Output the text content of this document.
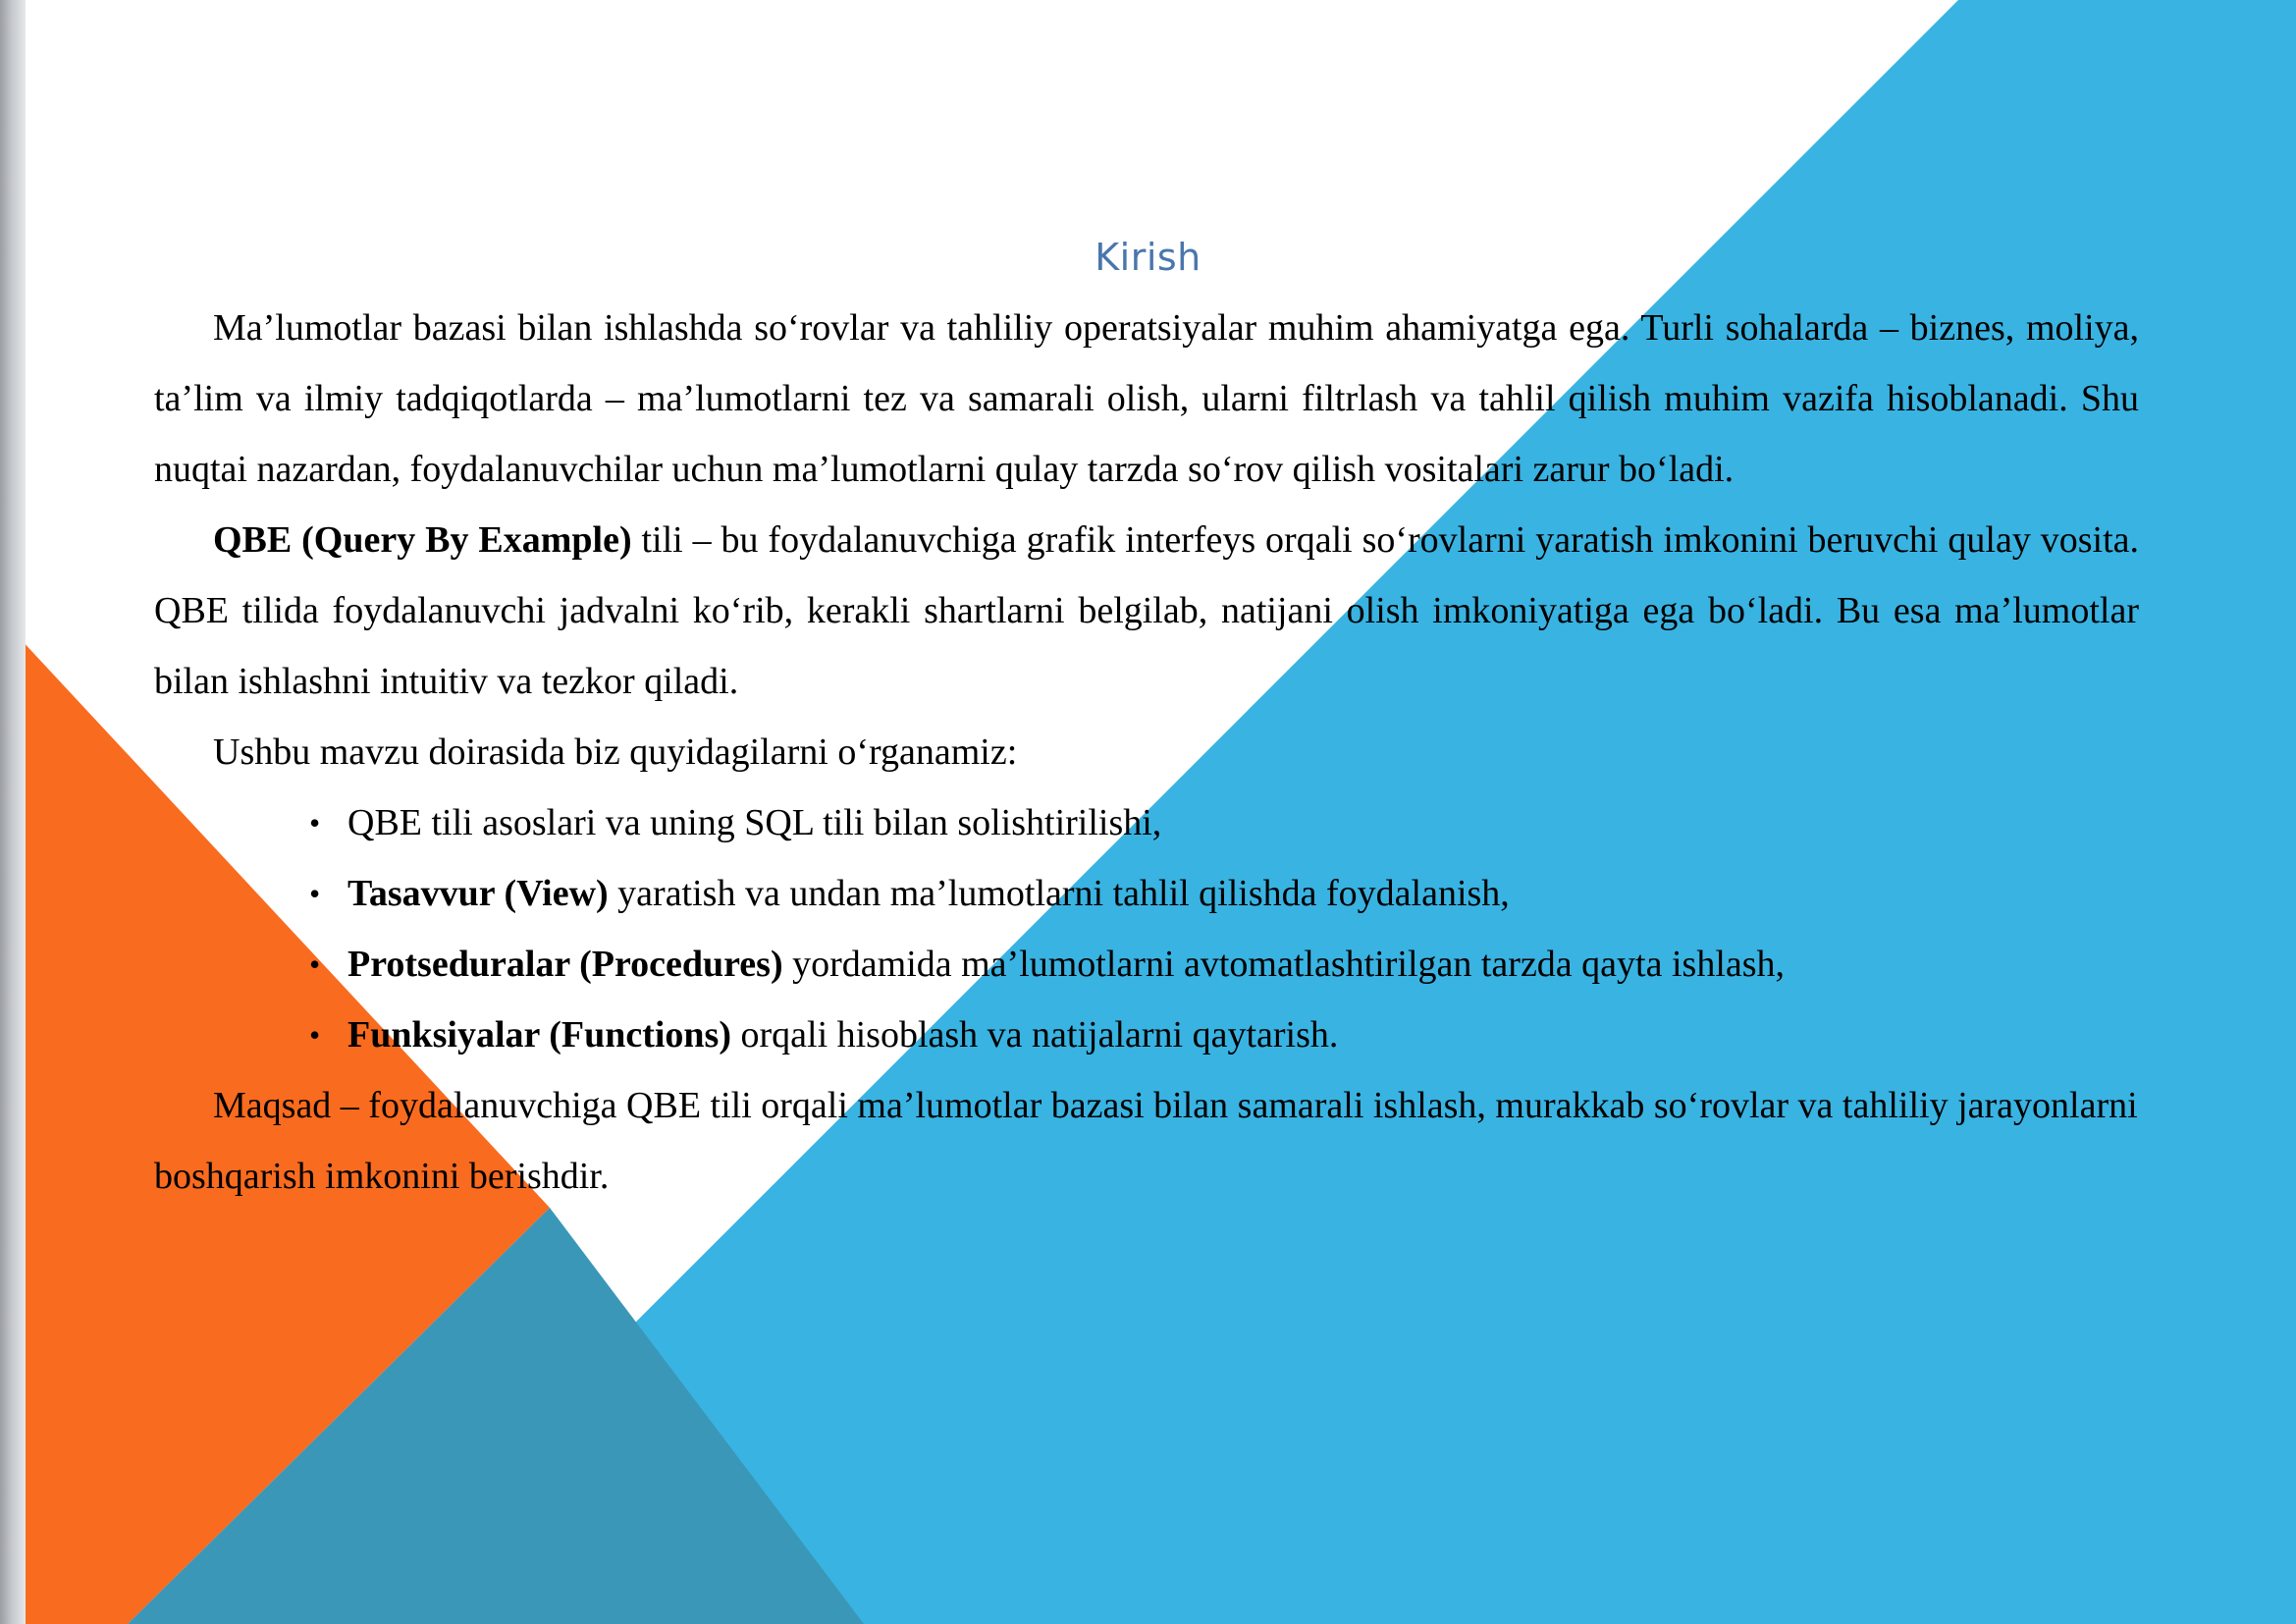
Kirish

Ma’lumotlar bazasi bilan ishlashda so‘rovlar va tahliliy operatsiyalar muhim ahamiyatga ega. Turli sohalarda – biznes, moliya, ta’lim va ilmiy tadqiqotlarda – ma’lumotlarni tez va samarali olish, ularni filtrlash va tahlil qilish muhim vazifa hisoblanadi. Shu nuqtai nazardan, foydalanuvchilar uchun ma’lumotlarni qulay tarzda so‘rov qilish vositalari zarur bo‘ladi.

QBE (Query By Example) tili – bu foydalanuvchiga grafik interfeys orqali so‘rovlarni yaratish imkonini beruvchi qulay vosita. QBE tilida foydalanuvchi jadvalni ko‘rib, kerakli shartlarni belgilab, natijani olish imkoniyatiga ega bo‘ladi. Bu esa ma’lumotlar bilan ishlashni intuitiv va tezkor qiladi.

Ushbu mavzu doirasida biz quyidagilarni o‘rganamiz:

• QBE tili asoslari va uning SQL tili bilan solishtirilishi,
• Tasavvur (View) yaratish va undan ma’lumotlarni tahlil qilishda foydalanish,
• Protseduralar (Procedures) yordamida ma’lumotlarni avtomatlashtirilgan tarzda qayta ishlash,
• Funksiyalar (Functions) orqali hisoblash va natijalarni qaytarish.

Maqsad – foydalanuvchiga QBE tili orqali ma’lumotlar bazasi bilan samarali ishlash, murakkab so‘rovlar va tahliliy jarayonlarni boshqarish imkonini berishdir.
